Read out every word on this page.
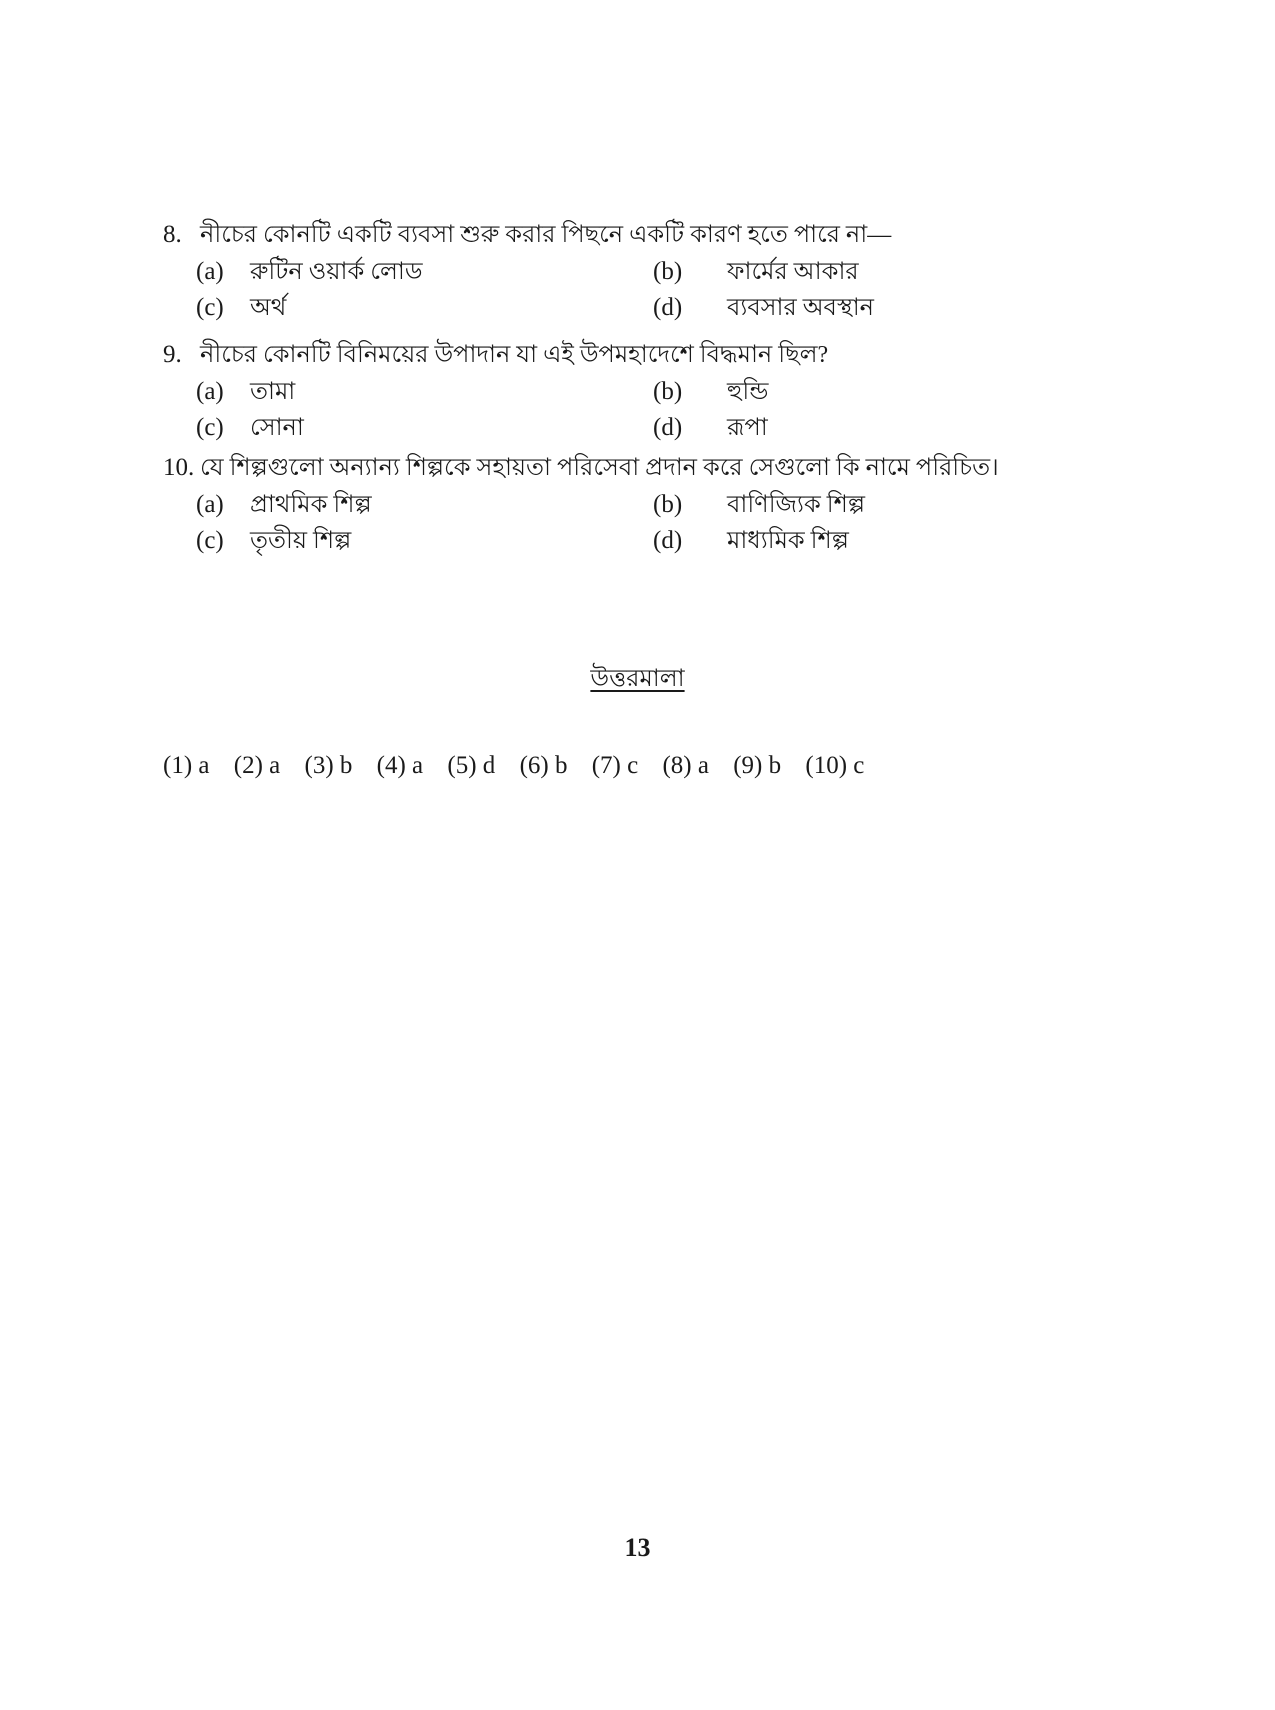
8. নীচের কোনটি একটি ব্যবসা শুরু করার পিছনে একটি কারণ হতে পারে না—
(a) রুটিন ওয়ার্ক লোড	(b) ফার্মের আকার
(c) অর্থ	(d) ব্যবসার অবস্থান
9. নীচের কোনটি বিনিময়ের উপাদান যা এই উপমহাদেশে বিদ্ধমান ছিল?
(a) তামা	(b) হুন্ডি
(c) সোনা	(d) রূপা
10. যে শিল্পগুলো অন্যান্য শিল্পকে সহায়তা পরিসেবা প্রদান করে সেগুলো কি নামে পরিচিত।
(a) প্রাথমিক শিল্প	(b) বাণিজ্যিক শিল্প
(c) তৃতীয় শিল্প	(d) মাধ্যমিক শিল্প
উত্তরমালা
(1) a (2) a (3) b (4) a (5) d (6) b (7) c (8) a (9) b (10) c
13
